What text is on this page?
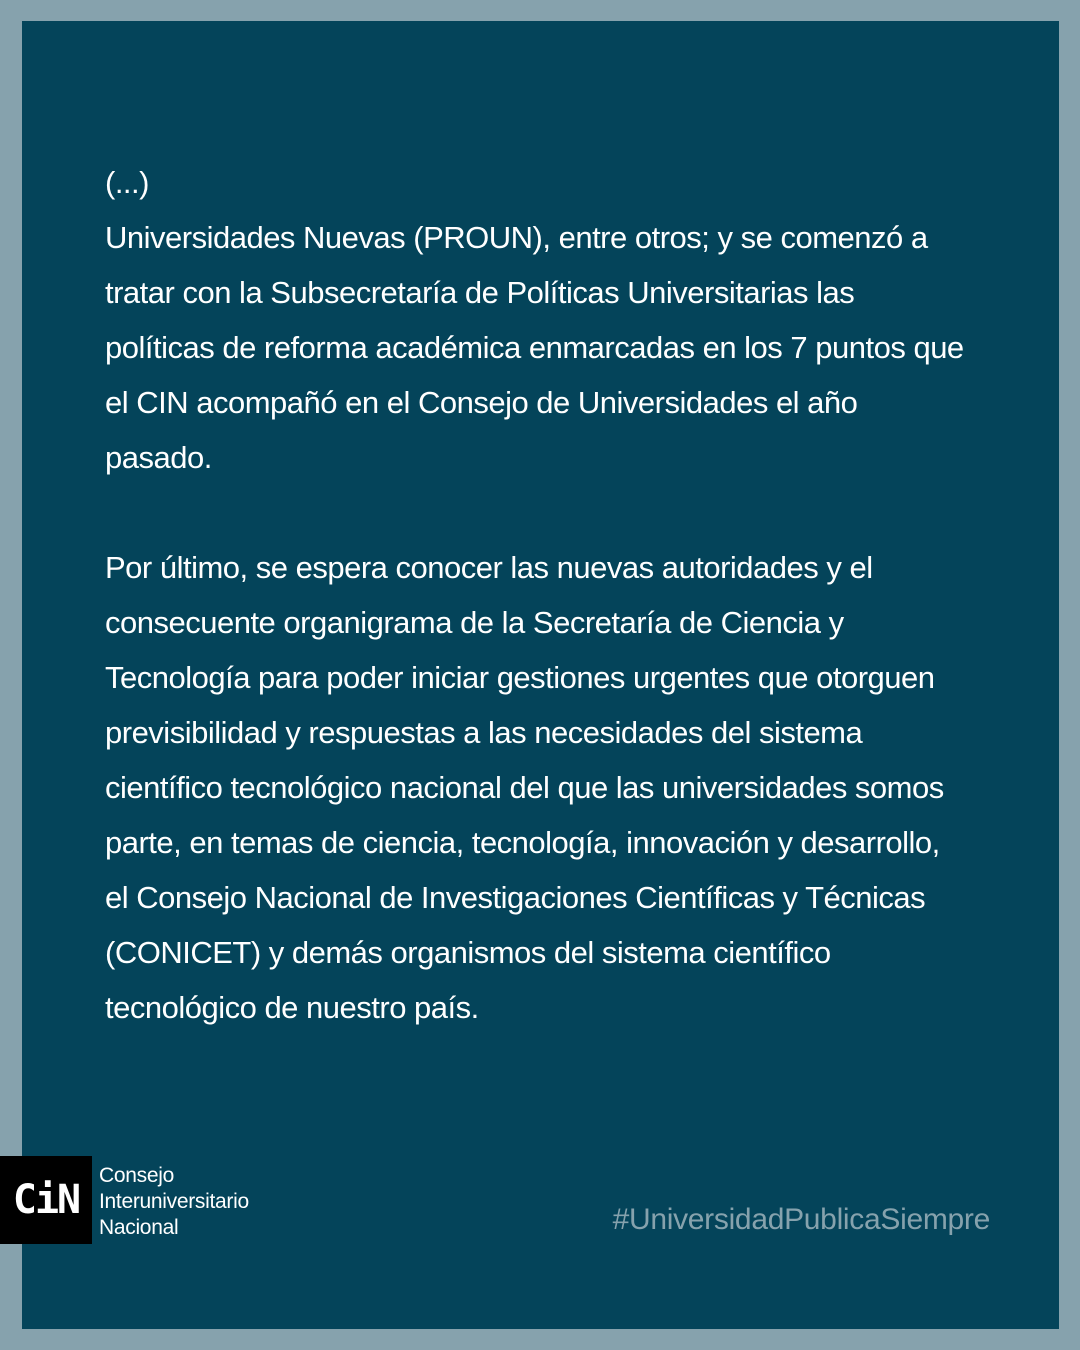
(...)

Universidades Nuevas (PROUN), entre otros; y se comenzó a tratar con la Subsecretaría de Políticas Universitarias las políticas de reforma académica enmarcadas en los 7 puntos que el CIN acompañó en el Consejo de Universidades el año pasado.

Por último, se espera conocer las nuevas autoridades y el consecuente organigrama de la Secretaría de Ciencia y Tecnología para poder iniciar gestiones urgentes que otorguen previsibilidad y respuestas a las necesidades del sistema científico tecnológico nacional del que las universidades somos parte, en temas de ciencia, tecnología, innovación y desarrollo, el Consejo Nacional de Investigaciones Científicas y Técnicas (CONICET) y demás organismos del sistema científico tecnológico de nuestro país.

CiN
Consejo
Interuniversitario
Nacional	#UniversidadPublicaSiempre
